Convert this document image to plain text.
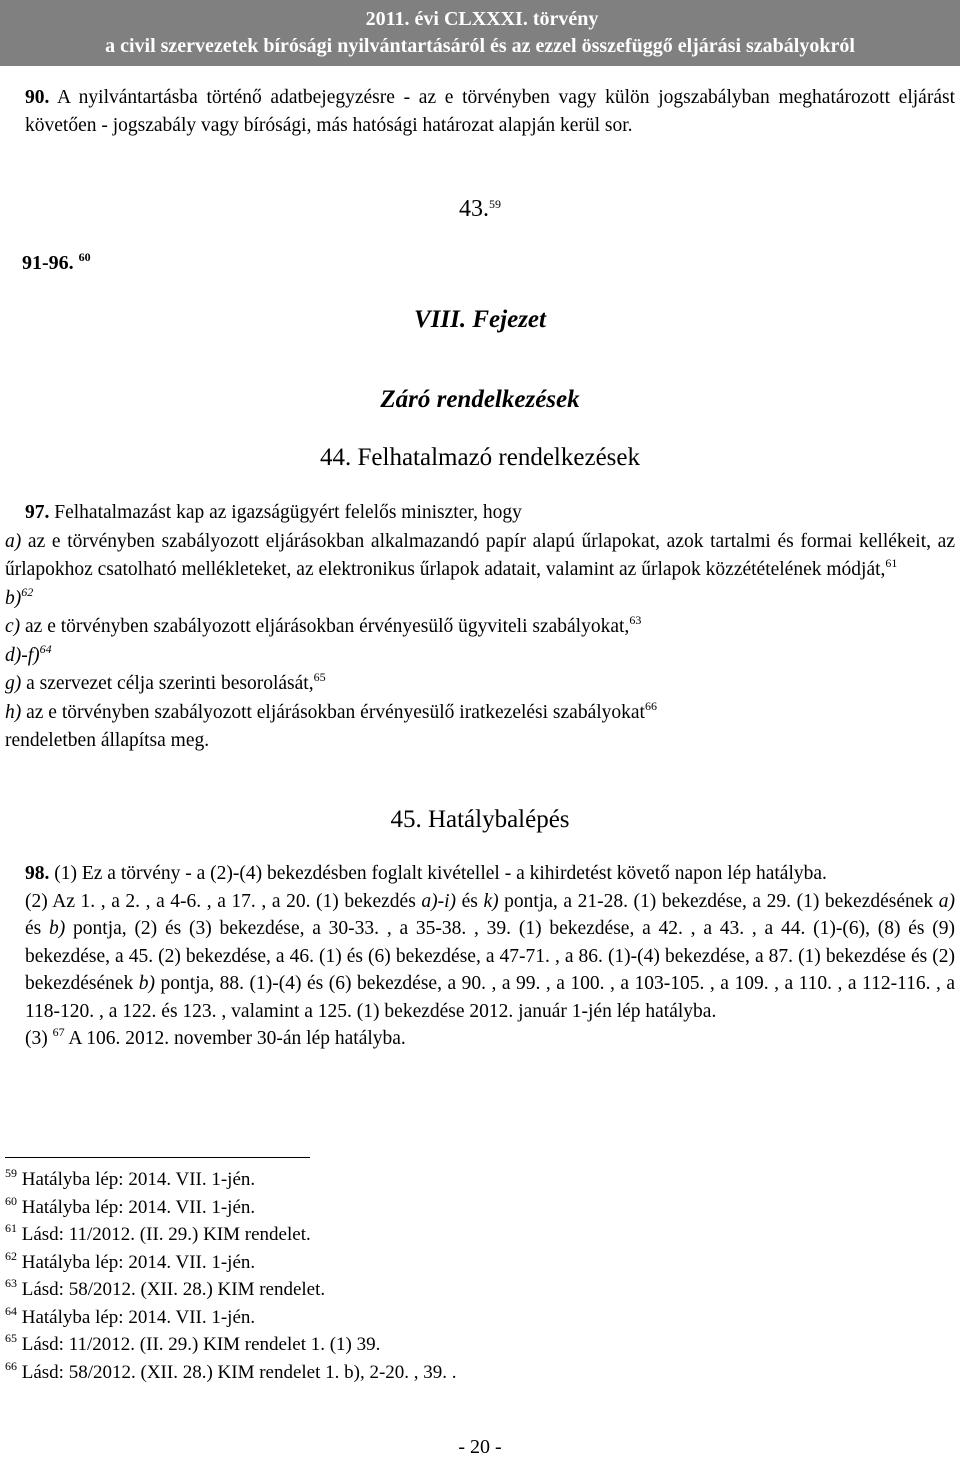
2011. évi CLXXXI. törvény
a civil szervezetek bírósági nyilvántartásáról és az ezzel összefüggő eljárási szabályokról

90. A nyilvántartásba történő adatbejegyzésre - az e törvényben vagy külön jogszabályban meghatározott eljárást követően - jogszabály vagy bírósági, más hatósági határozat alapján kerül sor.

43.59
91-96. $^{60}$
VIII. Fejezet
Záró rendelkezések
44. Felhatalmazó rendelkezések

97. Felhatalmazást kap az igazságügyért felelős miniszter, hogy

a) az e törvényben szabályozott eljárásokban alkalmazandó papír alapú űrlapokat, azok tartalmi és formai kellékeit, az űrlapokhoz csatolható mellékleteket, az elektronikus űrlapok adatait, valamint az űrlapok közzétételének módját,$^{61}$

b)$^{62}$

c) az e törvényben szabályozott eljárásokban érvényesülő ügyviteli szabályokat,$^{63}$

d)-f)$^{64}$

g) a szervezet célja szerinti besorolását,$^{65}$

h) az e törvényben szabályozott eljárásokban érvényesülő iratkezelési szabályokat$^{66}$

rendeletben állapítsa meg.

45. Hatálybalépés

98. (1) Ez a törvény - a (2)-(4) bekezdésben foglalt kivétellel - a kihirdetést követő napon lép hatályba.

(2) Az 1. , a 2. , a 4-6. , a 17. , a 20. (1) bekezdés a)-i) és k) pontja, a 21-28. (1) bekezdése, a 29. (1) bekezdésének a) és b) pontja, (2) és (3) bekezdése, a 30-33. , a 35-38. , 39. (1) bekezdése, a 42. , a 43. , a 44. (1)-(6), (8) és (9) bekezdése, a 45. (2) bekezdése, a 46. (1) és (6) bekezdése, a 47-71. , a 86. (1)-(4) bekezdése, a 87. (1) bekezdése és (2) bekezdésének b) pontja, 88. (1)-(4) és (6) bekezdése, a 90. , a 99. , a 100. , a 103-105. , a 109. , a 110. , a 112-116. , a 118-120. , a 122. és 123. , valamint a 125. (1) bekezdése 2012. január 1-jén lép hatályba.

(3) $^{67}$ A 106. 2012. november 30-án lép hatályba.

$^{59}$ Hatályba lép: 2014. VII. 1-jén.

$^{60}$ Hatályba lép: 2014. VII. 1-jén.

$^{61}$ Lásd: 11/2012. (II. 29.) KIM rendelet.

$^{62}$ Hatályba lép: 2014. VII. 1-jén.

$^{63}$ Lásd: 58/2012. (XII. 28.) KIM rendelet.

$^{64}$ Hatályba lép: 2014. VII. 1-jén.

$^{65}$ Lásd: 11/2012. (II. 29.) KIM rendelet 1. (1) 39.

$^{66}$ Lásd: 58/2012. (XII. 28.) KIM rendelet 1. b), 2-20. , 39. .

- 20 -
